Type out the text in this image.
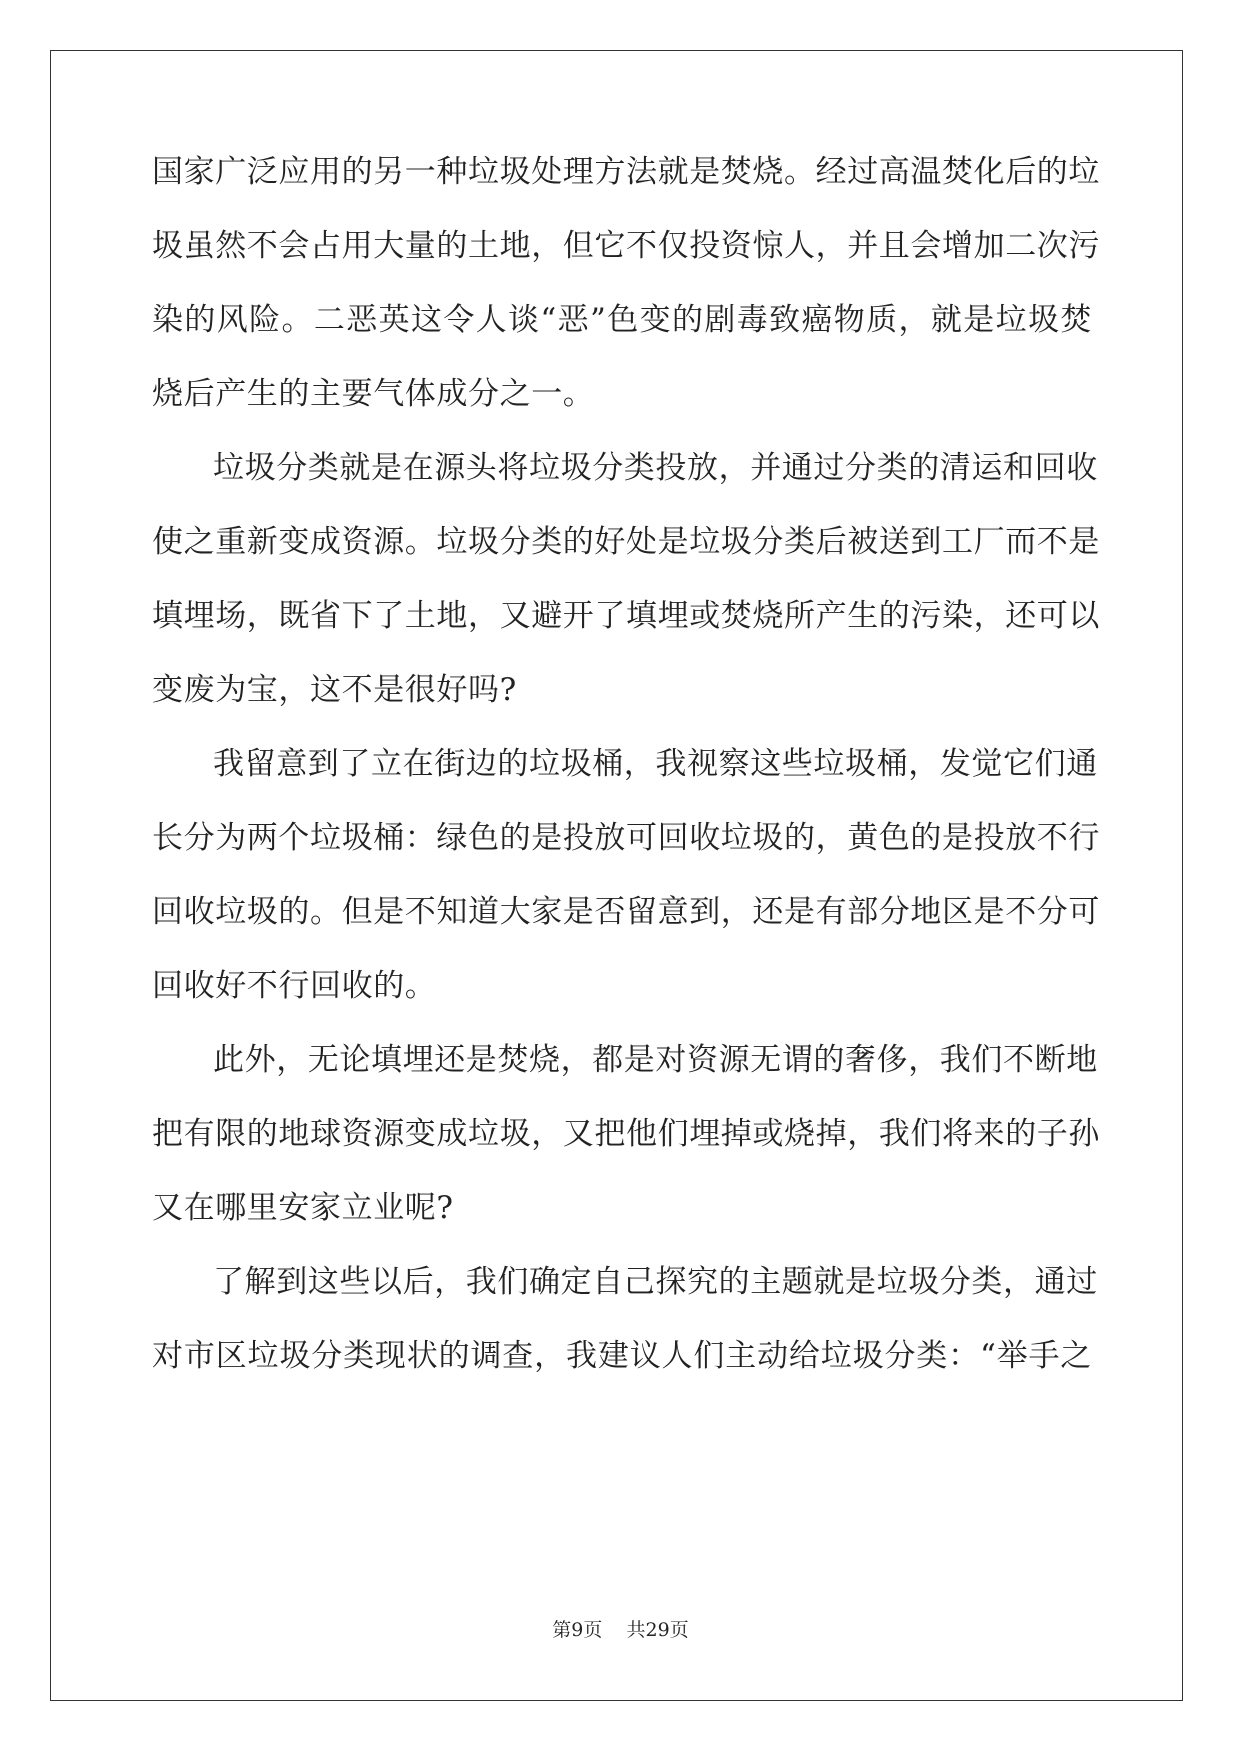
国家广泛应用的另一种垃圾处理方法就是焚烧。经过高温焚化后的垃
圾虽然不会占用大量的土地，但它不仅投资惊人，并且会增加二次污
染的风险。二恶英这令人谈“恶”色变的剧毒致癌物质，就是垃圾焚
烧后产生的主要气体成分之一。
垃圾分类就是在源头将垃圾分类投放，并通过分类的清运和回收
使之重新变成资源。垃圾分类的好处是垃圾分类后被送到工厂而不是
填埋场，既省下了土地，又避开了填埋或焚烧所产生的污染，还可以
变废为宝，这不是很好吗?
我留意到了立在街边的垃圾桶，我视察这些垃圾桶，发觉它们通
长分为两个垃圾桶：绿色的是投放可回收垃圾的，黄色的是投放不行
回收垃圾的。但是不知道大家是否留意到，还是有部分地区是不分可
回收好不行回收的。
此外，无论填埋还是焚烧，都是对资源无谓的奢侈，我们不断地
把有限的地球资源变成垃圾，又把他们埋掉或烧掉，我们将来的子孙
又在哪里安家立业呢?
了解到这些以后，我们确定自己探究的主题就是垃圾分类，通过
对市区垃圾分类现状的调查，我建议人们主动给垃圾分类：“举手之
第9页 共29页
